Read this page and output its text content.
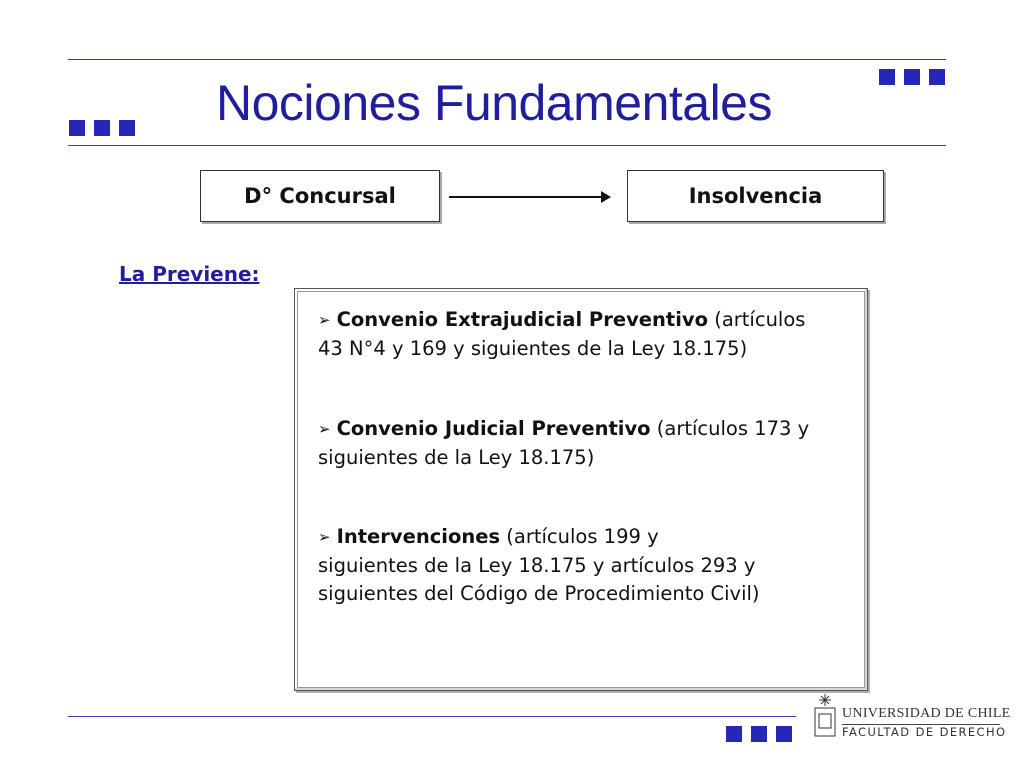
Nociones Fundamentales
D° Concursal	Insolvencia
La Previene:
➢ Convenio Extrajudicial Preventivo (artículos
43 N°4 y 169 y siguientes de la Ley 18.175)
➢ Convenio Judicial Preventivo (artículos 173 y
siguientes de la Ley 18.175)
➢ Intervenciones (artículos 199 y
siguientes de la Ley 18.175 y artículos 293 y
siguientes del Código de Procedimiento Civil)
UNIVERSIDAD DE CHILE
FACULTAD DE DERECHO
